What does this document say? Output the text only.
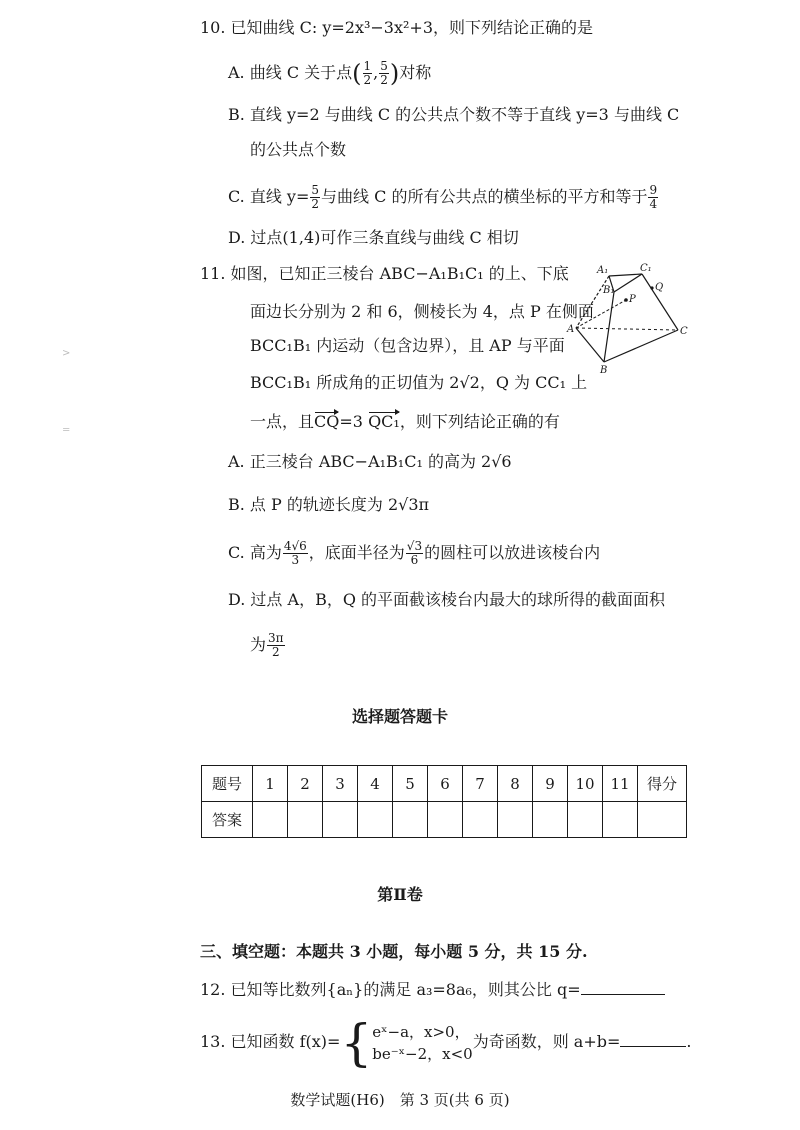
>
=
10. 已知曲线 C: y=2x³−3x²+3，则下列结论正确的是
A. 曲线 C 关于点( $\frac{1}{2}$ , $\frac{5}{2}$ )对称
B. 直线 y=2 与曲线 C 的公共点个数不等于直线 y=3 与曲线 C
的公共点个数
C. 直线 $y= \frac{5}{2}$ 与曲线 C 的所有公共点的横坐标的平方和等于 $\frac{9}{4}$
D. 过点(1,4)可作三条直线与曲线 C 相切
11. 如图，已知正三棱台 ABC−A₁B₁C₁ 的上、下底
面边长分别为 2 和 6，侧棱长为 4，点 P 在侧面
BCC₁B₁ 内运动（包含边界），且 AP 与平面
BCC₁B₁ 所成角的正切值为 2√2，Q 为 CC₁ 上
一点，且CQ=3 QC₁，则下列结论正确的有
A. 正三棱台 ABC−A₁B₁C₁ 的高为 2√6
B. 点 P 的轨迹长度为 2√3π
C. 高为 $\frac{4√6}{3}$ ，底面半径为 $\frac{√3}{6}$ 的圆柱可以放进该棱台内
D. 过点 A，B，Q 的平面截该棱台内最大的球所得的截面面积
为 $\frac{3\pi}{2}$
A₁	C₁
B₁
P
Q
A	C
B
选择题答题卡
题号	1	2	3	4	5	6	7	8	9	10	11	得分
答案												
第Ⅱ卷
三、填空题：本题共 3 小题，每小题 5 分，共 15 分.
12. 已知等比数列{aₙ}的满足 a₃=8a₆，则其公比 q=
13. 已知函数 f(x)={ eˣ−a，x>0，
be⁻ˣ−2，x<0
为奇函数，则 a+b=	.
数学试题(H6)　第 3 页(共 6 页)
